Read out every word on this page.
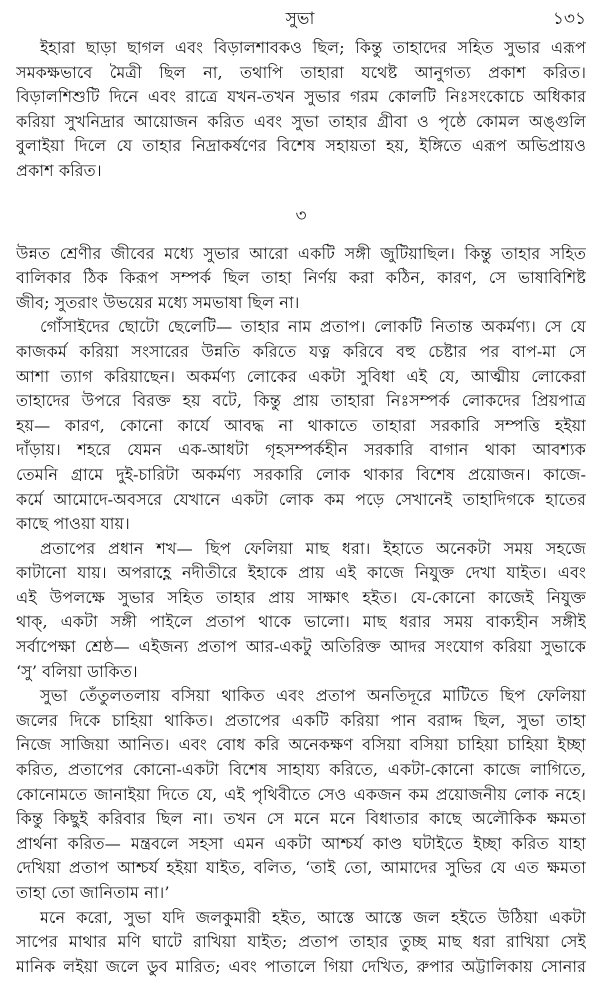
সুভা	১৩১
ইহারা ছাড়া ছাগল এবং বিড়ালশাবকও ছিল; কিন্তু তাহাদের সহিত সুভার এরূপ
সমকক্ষভাবে মৈত্রী ছিল না, তথাপি তাহারা যথেষ্ট আনুগত্য প্রকাশ করিত।
বিড়ালশিশুটি দিনে এবং রাত্রে যখন-তখন সুভার গরম কোলটি নিঃসংকোচে অধিকার
করিয়া সুখনিদ্রার আয়োজন করিত এবং সুভা তাহার গ্রীবা ও পৃষ্ঠে কোমল অঙ্গুলি
বুলাইয়া দিলে যে তাহার নিদ্রাকর্ষণের বিশেষ সহায়তা হয়, ইঙ্গিতে এরূপ অভিপ্রায়ও
প্রকাশ করিত।
৩
উন্নত শ্রেণীর জীবের মধ্যে সুভার আরো একটি সঙ্গী জুটিয়াছিল। কিন্তু তাহার সহিত
বালিকার ঠিক কিরূপ সম্পর্ক ছিল তাহা নির্ণয় করা কঠিন, কারণ, সে ভাষাবিশিষ্ট
জীব; সুতরাং উভয়ের মধ্যে সমভাষা ছিল না।
গোঁসাইদের ছোটো ছেলেটি— তাহার নাম প্রতাপ। লোকটি নিতান্ত অকর্মণ্য। সে যে
কাজকর্ম করিয়া সংসারের উন্নতি করিতে যত্ন করিবে বহু চেষ্টার পর বাপ-মা সে
আশা ত্যাগ করিয়াছেন। অকর্মণ্য লোকের একটা সুবিধা এই যে, আত্মীয় লোকেরা
তাহাদের উপরে বিরক্ত হয় বটে, কিন্তু প্রায় তাহারা নিঃসম্পর্ক লোকদের প্রিয়পাত্র
হয়— কারণ, কোনো কার্যে আবদ্ধ না থাকাতে তাহারা সরকারি সম্পত্তি হইয়া
দাঁড়ায়। শহরে যেমন এক-আধটা গৃহসম্পর্কহীন সরকারি বাগান থাকা আবশ্যক
তেমনি গ্রামে দুই-চারিটা অকর্মণ্য সরকারি লোক থাকার বিশেষ প্রয়োজন। কাজে-
কর্মে আমোদে-অবসরে যেখানে একটা লোক কম পড়ে সেখানেই তাহাদিগকে হাতের
কাছে পাওয়া যায়।
প্রতাপের প্রধান শখ— ছিপ ফেলিয়া মাছ ধরা। ইহাতে অনেকটা সময় সহজে
কাটানো যায়। অপরাহ্ণে নদীতীরে ইহাকে প্রায় এই কাজে নিযুক্ত দেখা যাইত। এবং
এই উপলক্ষে সুভার সহিত তাহার প্রায় সাক্ষাৎ হইত। যে-কোনো কাজেই নিযুক্ত
থাক্, একটা সঙ্গী পাইলে প্রতাপ থাকে ভালো। মাছ ধরার সময় বাক্যহীন সঙ্গীই
সর্বাপেক্ষা শ্রেষ্ঠ— এইজন্য প্রতাপ আর-একটু অতিরিক্ত আদর সংযোগ করিয়া সুভাকে
‘সু’ বলিয়া ডাকিত।
সুভা তেঁতুলতলায় বসিয়া থাকিত এবং প্রতাপ অনতিদূরে মাটিতে ছিপ ফেলিয়া
জলের দিকে চাহিয়া থাকিত। প্রতাপের একটি করিয়া পান বরাদ্দ ছিল, সুভা তাহা
নিজে সাজিয়া আনিত। এবং বোধ করি অনেকক্ষণ বসিয়া বসিয়া চাহিয়া চাহিয়া ইচ্ছা
করিত, প্রতাপের কোনো-একটা বিশেষ সাহায্য করিতে, একটা-কোনো কাজে লাগিতে,
কোনোমতে জানাইয়া দিতে যে, এই পৃথিবীতে সেও একজন কম প্রয়োজনীয় লোক নহে।
কিন্তু কিছুই করিবার ছিল না। তখন সে মনে মনে বিধাতার কাছে অলৌকিক ক্ষমতা
প্রার্থনা করিত— মন্ত্রবলে সহসা এমন একটা আশ্চর্য কাণ্ড ঘটাইতে ইচ্ছা করিত যাহা
দেখিয়া প্রতাপ আশ্চর্য হইয়া যাইত, বলিত, ‘তাই তো, আমাদের সুভির যে এত ক্ষমতা
তাহা তো জানিতাম না।’
মনে করো, সুভা যদি জলকুমারী হইত, আস্তে আস্তে জল হইতে উঠিয়া একটা
সাপের মাথার মণি ঘাটে রাখিয়া যাইত; প্রতাপ তাহার তুচ্ছ মাছ ধরা রাখিয়া সেই
মানিক লইয়া জলে ডুব মারিত; এবং পাতালে গিয়া দেখিত, রুপার অট্টালিকায় সোনার
